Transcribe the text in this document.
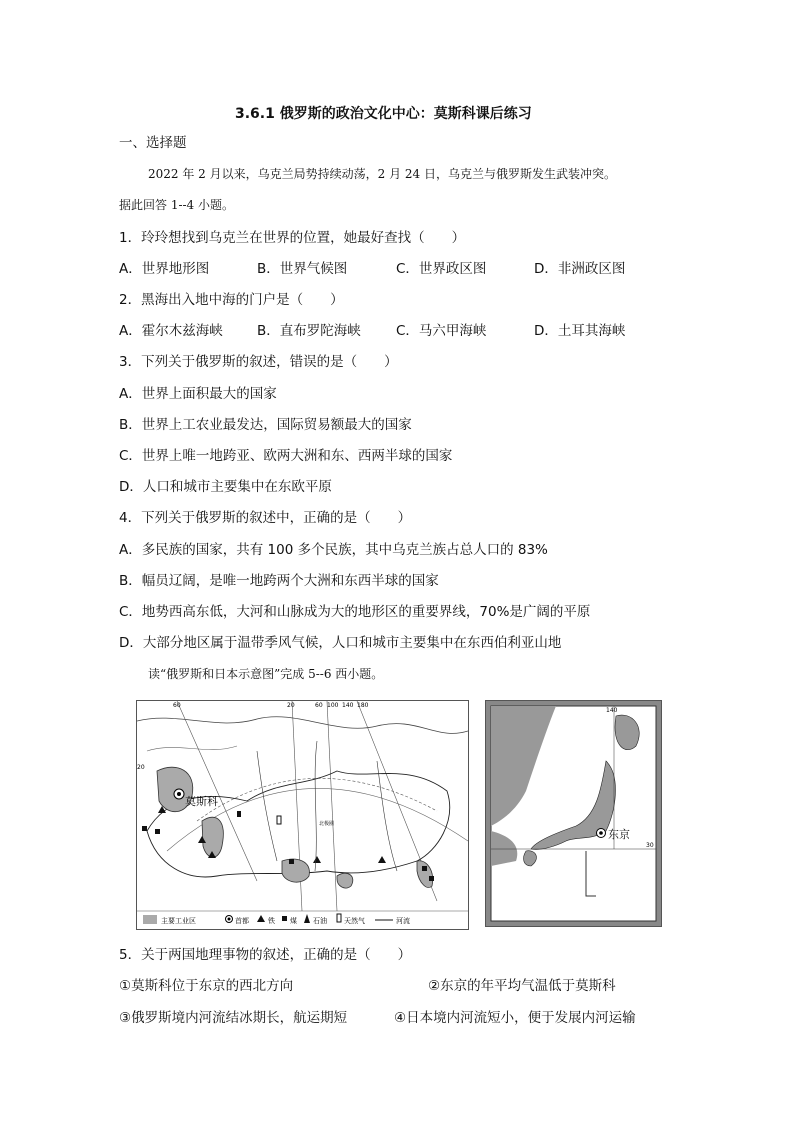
3.6.1 俄罗斯的政治文化中心：莫斯科课后练习
一、选择题
2022 年 2 月以来，乌克兰局势持续动荡，2 月 24 日，乌克兰与俄罗斯发生武装冲突。
据此回答 1--4 小题。
1．玲玲想找到乌克兰在世界的位置，她最好查找（　　）
A．世界地形图	B．世界气候图	C．世界政区图	D．非洲政区图
2．黑海出入地中海的门户是（　　）
A．霍尔木兹海峡	B．直布罗陀海峡	C．马六甲海峡	D．土耳其海峡
3．下列关于俄罗斯的叙述，错误的是（　　）
A．世界上面积最大的国家
B．世界上工农业最发达，国际贸易额最大的国家
C．世界上唯一地跨亚、欧两大洲和东、西两半球的国家
D．人口和城市主要集中在东欧平原
4．下列关于俄罗斯的叙述中，正确的是（　　）
A．多民族的国家，共有 100 多个民族，其中乌克兰族占总人口的 83%
B．幅员辽阔，是唯一地跨两个大洲和东西半球的国家
C．地势西高东低，大河和山脉成为大的地形区的重要界线，70%是广阔的平原
D．大部分地区属于温带季风气候，人口和城市主要集中在东西伯利亚山地
读“俄罗斯和日本示意图”完成 5--6 西小题。
60	20	60 100 140 180
20
北极圈
莫斯科
主要工业区	首都	铁 煤 石油 天然气	河流
东京
140
30
5．关于两国地理事物的叙述，正确的是（　　）
①莫斯科位于东京的西北方向	②东京的年平均气温低于莫斯科
③俄罗斯境内河流结冰期长，航运期短	④日本境内河流短小，便于发展内河运输
